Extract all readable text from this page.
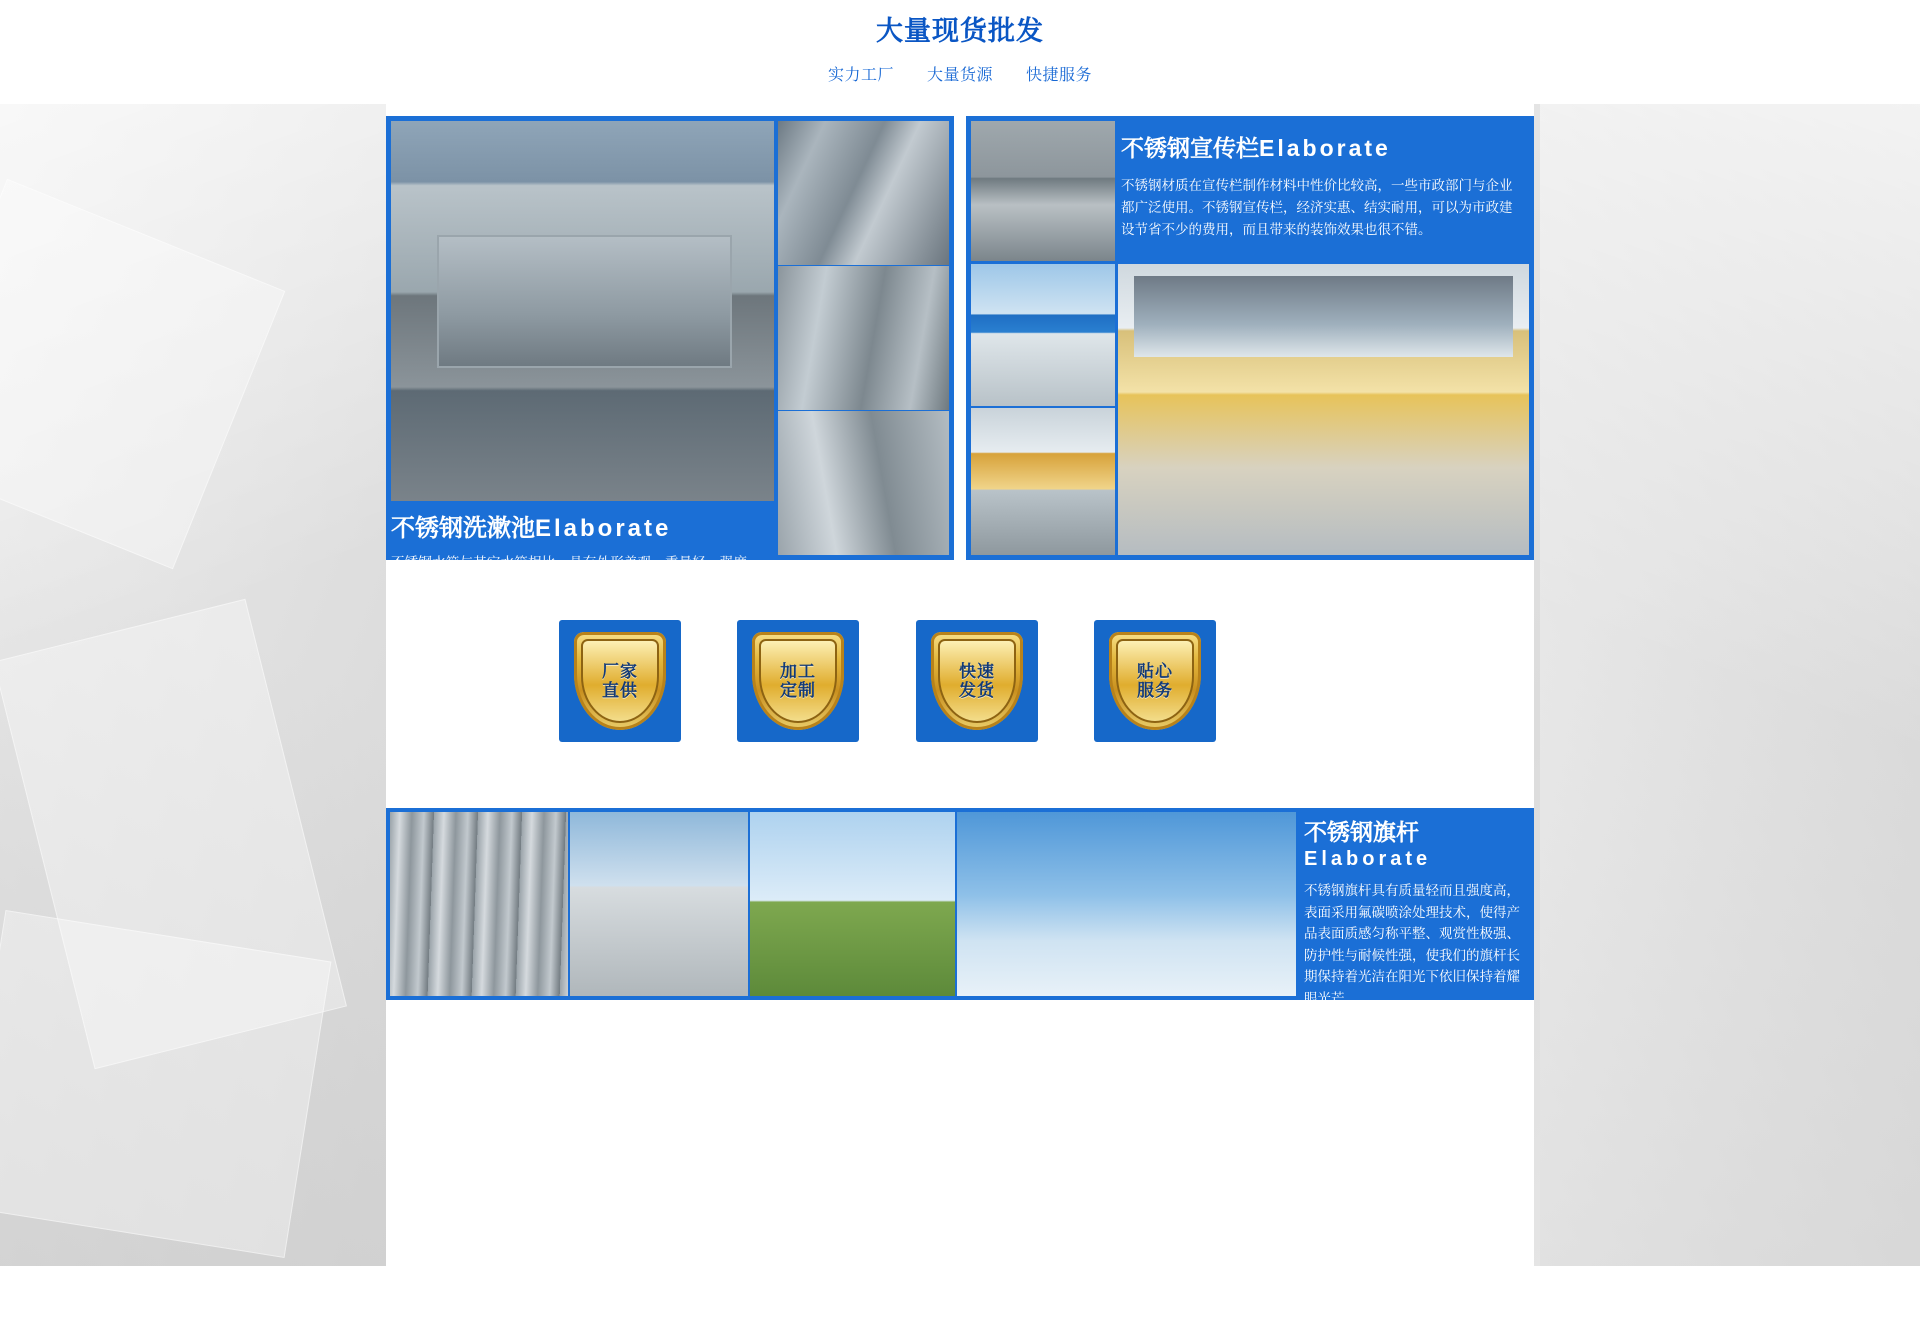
大量现货批发
实力工厂 大量货源 快捷服务
不锈钢洗漱池Elaborate
不锈钢水箱与其它水箱相比，具有外形美观、重量轻、强度高、耐腐蚀、耐高温、水质清洁，防渗；抗震，永不生青苔，无二次污染，安装方便，无需维修，便于清洗等诸多优点。
不锈钢宣传栏Elaborate
不锈钢材质在宣传栏制作材料中性价比较高，一些市政部门与企业都广泛使用。不锈钢宣传栏，经济实惠、结实耐用，可以为市政建设节省不少的费用，而且带来的装饰效果也很不错。
厂家
直供
加工
定制
快速
发货
贴心
服务
不锈钢旗杆
Elaborate
不锈钢旗杆具有质量轻而且强度高，表面采用氟碳喷涂处理技术，使得产品表面质感匀称平整、观赏性极强、防护性与耐候性强，使我们的旗杆长期保持着光洁在阳光下依旧保持着耀眼光芒。
